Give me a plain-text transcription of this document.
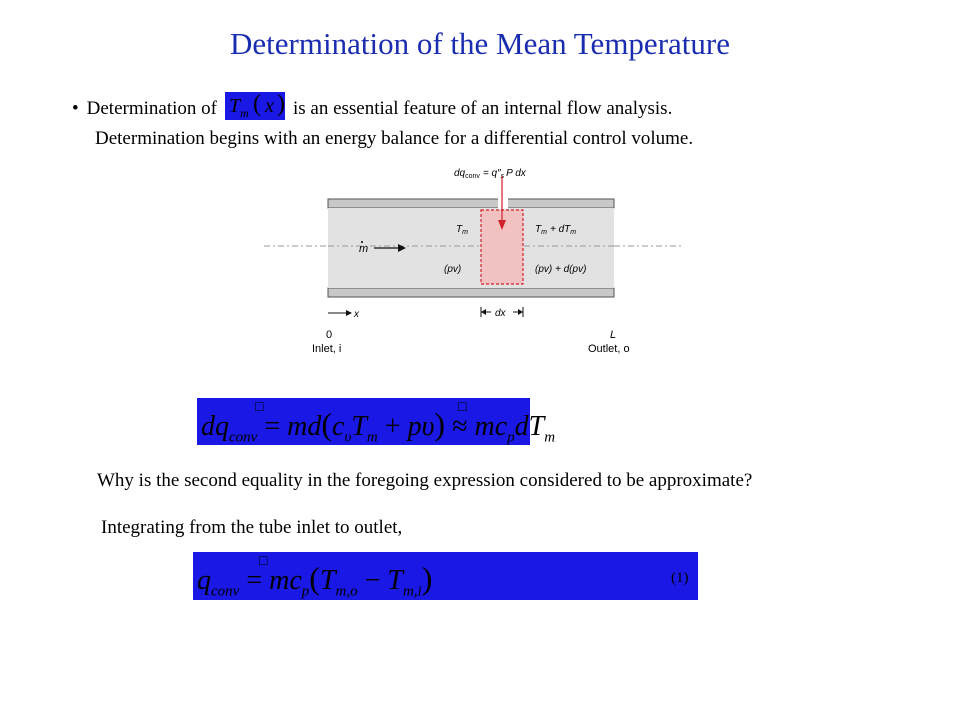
Determination of the Mean Temperature
• Determination of $T_m$ ( x ) is an essential feature of an internal flow analysis.
Determination begins with an energy balance for a differential control volume.
$dq_{conv} = q''_s$ P dx
$T_m$	$T_m + dT_m$
m
(pv)	(pv) + d(pv)
x	dx
0
Inlet, i
L
Outlet, o
□	□
$dq_{conv} = md(c_\upsilon T_m + p\upsilon) \approx mc_pdT_m$
Why is the second equality in the foregoing expression considered to be approximate?
Integrating from the tube inlet to outlet,
□
$q_{conv} = mc_p(T_{m,o} - T_{m,i})$	(1)
